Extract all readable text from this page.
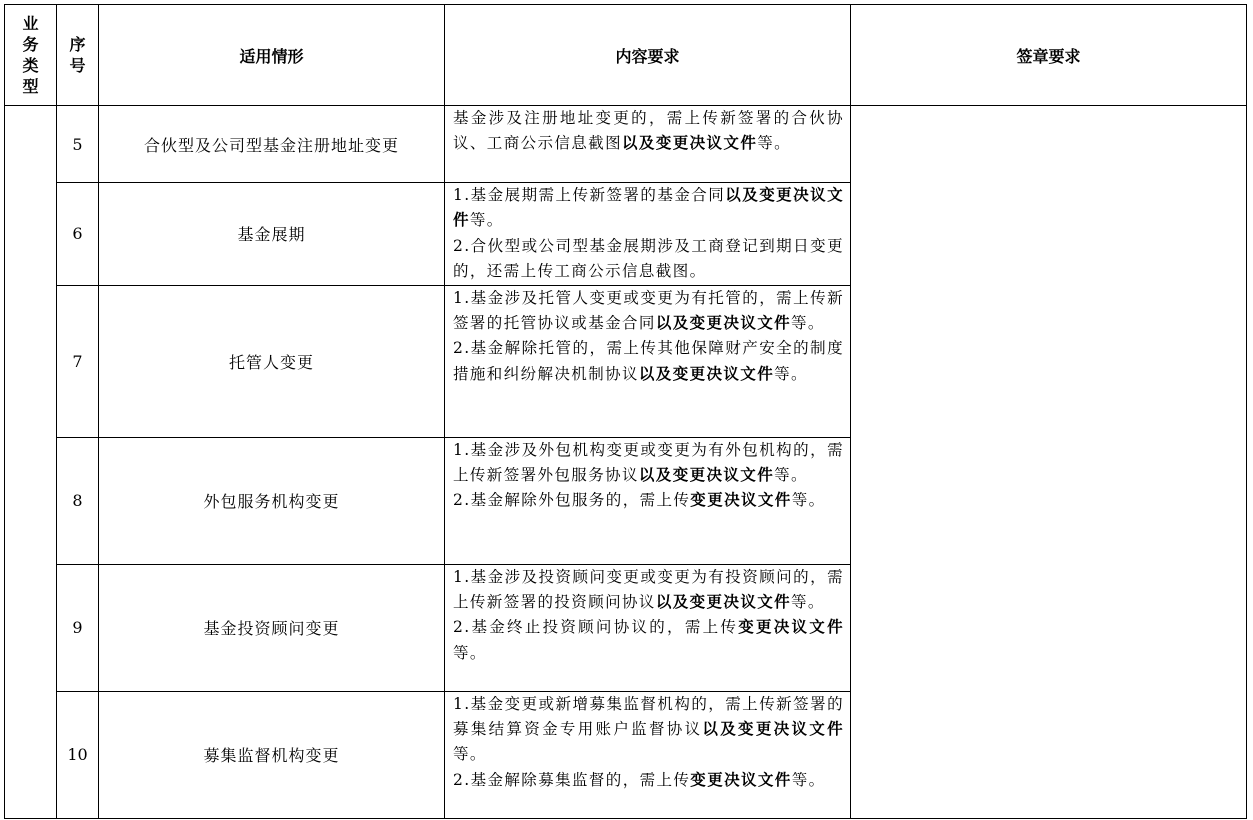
业
务
类
型	序
号	适用情形	内容要求	签章要求
	5	合伙型及公司型基金注册地址变更	基金涉及注册地址变更的，需上传新签署的合伙协议、工商公示信息截图以及变更决议文件等。	

	6	基金展期	1.基金展期需上传新签署的基金合同以及变更决议文件等。

2.合伙型或公司型基金展期涉及工商登记到期日变更的，还需上传工商公示信息截图。	

	7	托管人变更	1.基金涉及托管人变更或变更为有托管的，需上传新签署的托管协议或基金合同以及变更决议文件等。

2.基金解除托管的，需上传其他保障财产安全的制度措施和纠纷解决机制协议以及变更决议文件等。	

	8	外包服务机构变更	1.基金涉及外包机构变更或变更为有外包机构的，需上传新签署外包服务协议以及变更决议文件等。

2.基金解除外包服务的，需上传变更决议文件等。	

	9	基金投资顾问变更	1.基金涉及投资顾问变更或变更为有投资顾问的，需上传新签署的投资顾问协议以及变更决议文件等。

2.基金终止投资顾问协议的，需上传变更决议文件等。	

	10	募集监督机构变更	1.基金变更或新增募集监督机构的，需上传新签署的募集结算资金专用账户监督协议以及变更决议文件等。

2.基金解除募集监督的，需上传变更决议文件等。	
